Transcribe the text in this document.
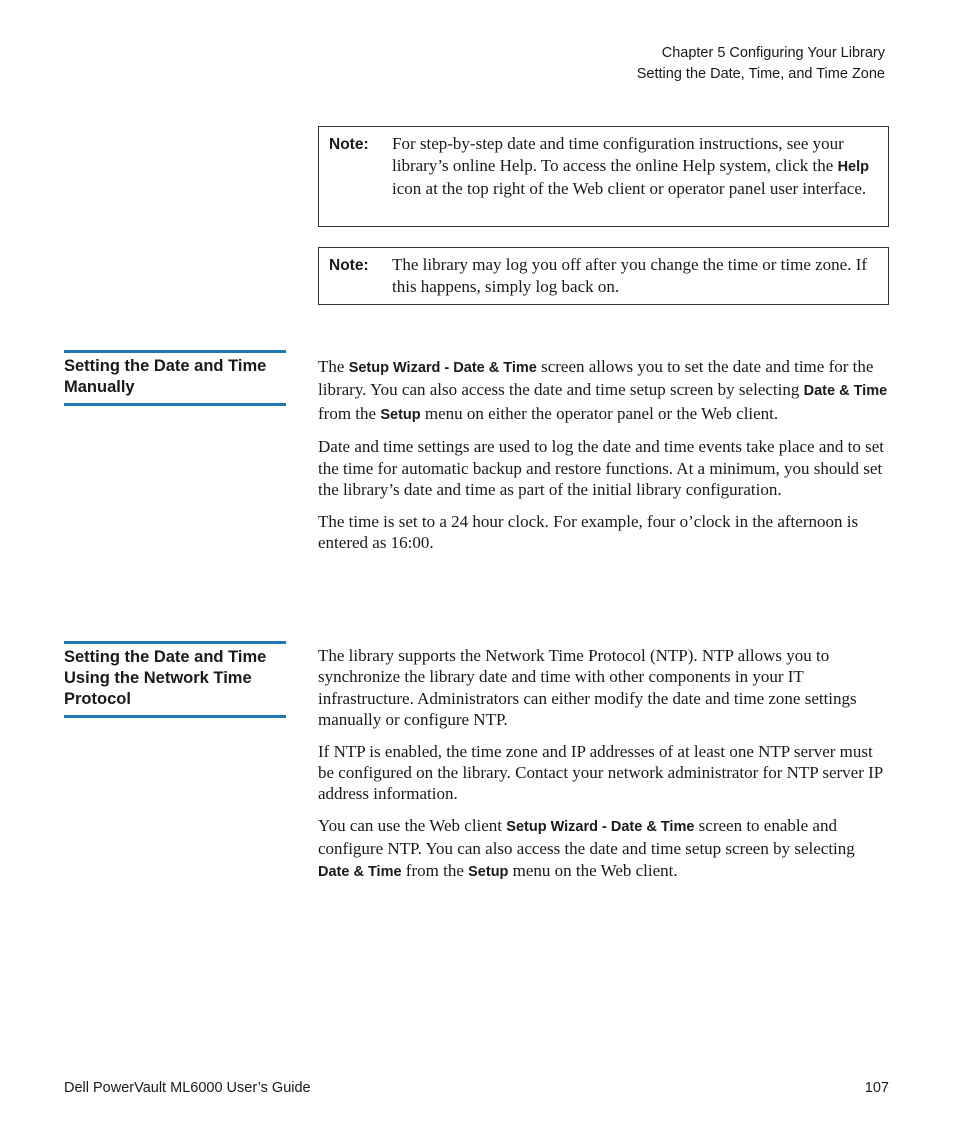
Chapter 5 Configuring Your Library
Setting the Date, Time, and Time Zone
Note:	For step-by-step date and time configuration instructions, see your library’s online Help. To access the online Help system, click the Help icon at the top right of the Web client or operator panel user interface.
Note:	The library may log you off after you change the time or time zone. If this happens, simply log back on.
Setting the Date and Time Manually

The Setup Wizard - Date & Time screen allows you to set the date and time for the library. You can also access the date and time setup screen by selecting Date & Time from the Setup menu on either the operator panel or the Web client.

Date and time settings are used to log the date and time events take place and to set the time for automatic backup and restore functions. At a minimum, you should set the library’s date and time as part of the initial library configuration.

The time is set to a 24 hour clock. For example, four o’clock in the afternoon is entered as 16:00.

Setting the Date and Time Using the Network Time Protocol

The library supports the Network Time Protocol (NTP). NTP allows you to synchronize the library date and time with other components in your IT infrastructure. Administrators can either modify the date and time zone settings manually or configure NTP.

If NTP is enabled, the time zone and IP addresses of at least one NTP server must be configured on the library. Contact your network administrator for NTP server IP address information.

You can use the Web client Setup Wizard - Date & Time screen to enable and configure NTP. You can also access the date and time setup screen by selecting Date & Time from the Setup menu on the Web client.

Dell PowerVault ML6000 User’s Guide	107
